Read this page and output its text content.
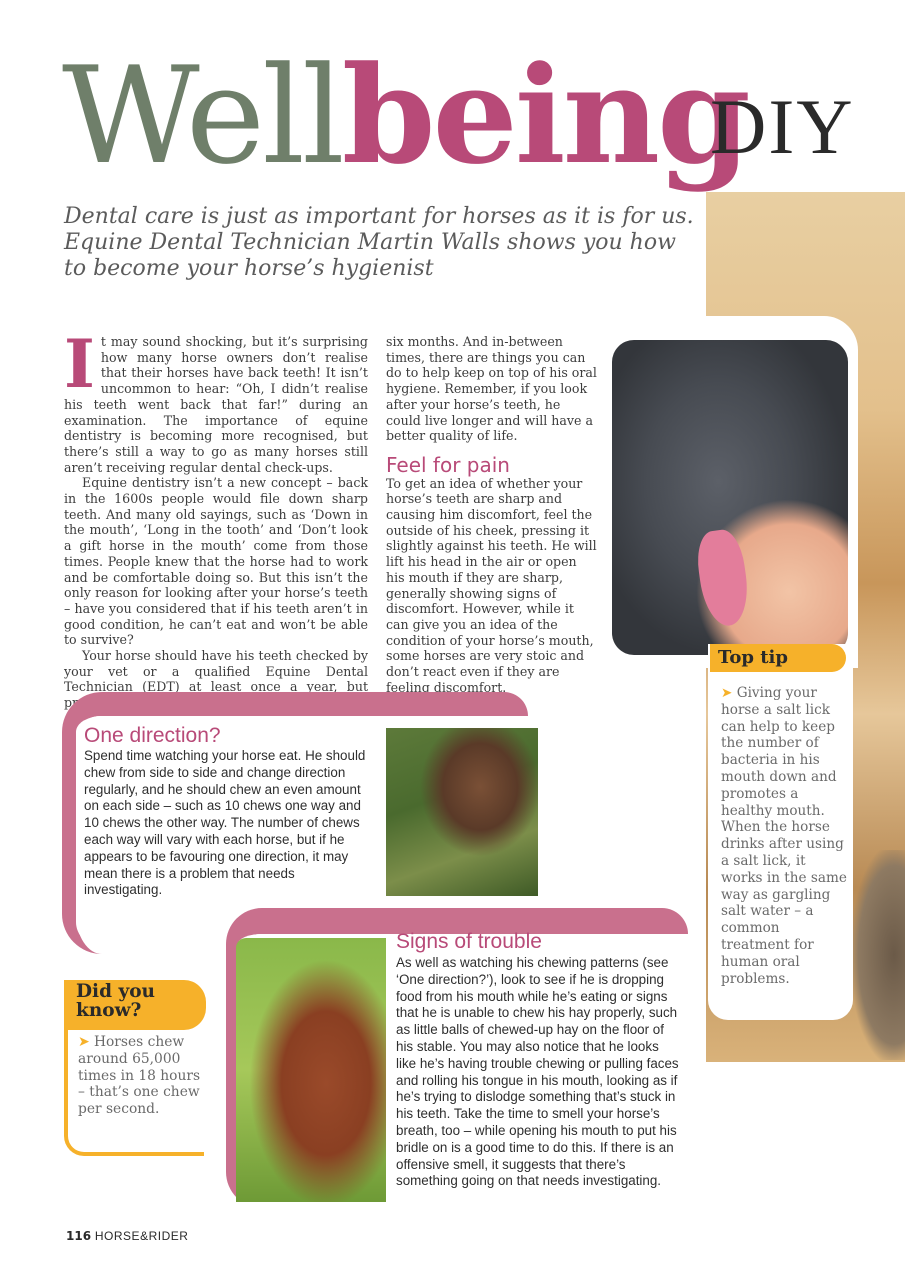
Wellbeing
DIY
Dental care is just as important for horses as it is for us. Equine Dental Technician Martin Walls shows you how to become your horse’s hygienist
I t may sound shocking, but it’s surprising how many horse owners don’t realise that their horses have back teeth! It isn’t uncommon to hear: “Oh, I didn’t realise his teeth went back that far!” during an examination. The importance of equine dentistry is becoming more recognised, but there’s still a way to go as many horses still aren’t receiving regular dental check-ups.

Equine dentistry isn’t a new concept – back in the 1600s people would file down sharp teeth. And many old sayings, such as ‘Down in the mouth’, ‘Long in the tooth’ and ‘Don’t look a gift horse in the mouth’ come from those times. People knew that the horse had to work and be comfortable doing so. But this isn’t the only reason for looking after your horse’s teeth – have you considered that if his teeth aren’t in good condition, he can’t eat and won’t be able to survive?

Your horse should have his teeth checked by your vet or a qualified Equine Dental Technician (EDT) at least once a year, but preferably every

six months. And in-between times, there are things you can do to help keep on top of his oral hygiene. Remember, if you look after your horse’s teeth, he could live longer and will have a better quality of life.

Feel for pain

To get an idea of whether your horse’s teeth are sharp and causing him discomfort, feel the outside of his cheek, pressing it slightly against his teeth. He will lift his head in the air or open his mouth if they are sharp, generally showing signs of discomfort. However, while it can give you an idea of the condition of your horse’s mouth, some horses are very stoic and don’t react even if they are feeling discomfort.

One direction?
Spend time watching your horse eat. He should chew from side to side and change direction regularly, and he should chew an even amount on each side – such as 10 chews one way and 10 chews the other way. The number of chews each way will vary with each horse, but if he appears to be favouring one direction, it may mean there is a problem that needs investigating.
Signs of trouble
As well as watching his chewing patterns (see ‘One direction?’), look to see if he is dropping food from his mouth while he’s eating or signs that he is unable to chew his hay properly, such as little balls of chewed-up hay on the floor of his stable. You may also notice that he looks like he’s having trouble chewing or pulling faces and rolling his tongue in his mouth, looking as if he’s trying to dislodge something that’s stuck in his teeth. Take the time to smell your horse’s breath, too – while opening his mouth to put his bridle on is a good time to do this. If there is an offensive smell, it suggests that there’s something going on that needs investigating.
Did you know?
➤ Horses chew around 65,000 times in 18 hours – that’s one chew per second.
Top tip
➤ Giving your horse a salt lick can help to keep the number of bacteria in his mouth down and promotes a healthy mouth. When the horse drinks after using a salt lick, it works in the same way as gargling salt water – a common treatment for human oral problems.
116 HORSE&RIDER
